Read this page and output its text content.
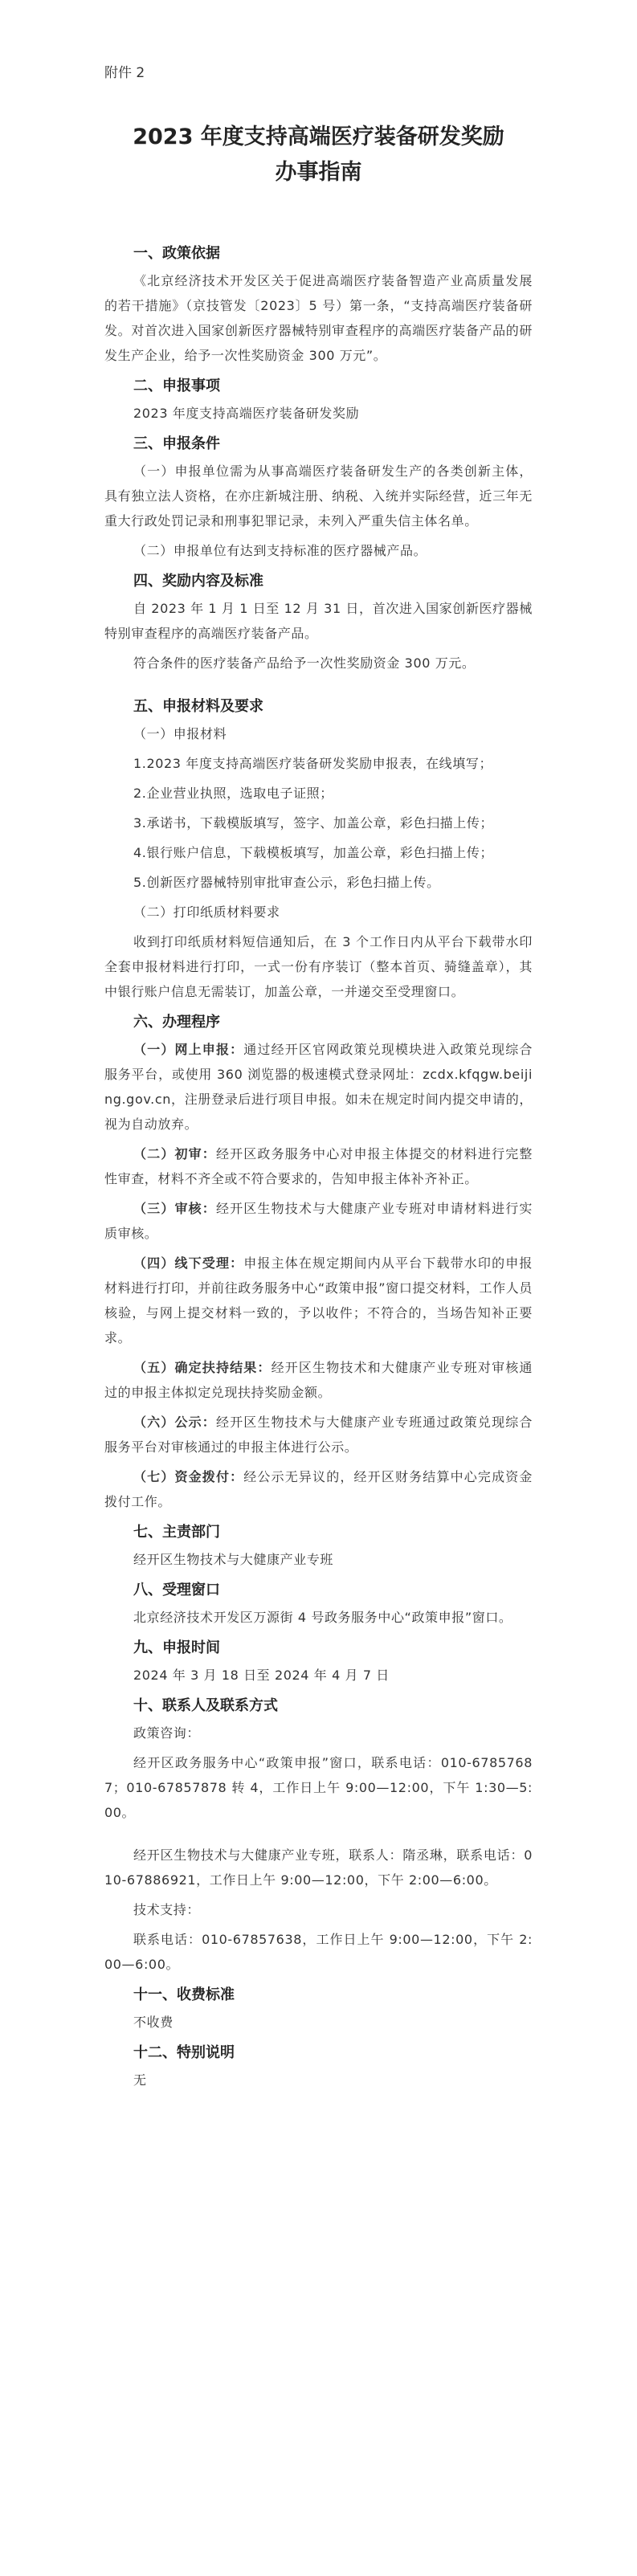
附件 2
2023 年度支持高端医疗装备研发奖励
办事指南
一、政策依据

《北京经济技术开发区关于促进高端医疗装备智造产业高质量发展的若干措施》（京技管发〔2023〕5 号）第一条，“支持高端医疗装备研发。对首次进入国家创新医疗器械特别审查程序的高端医疗装备产品的研发生产企业，给予一次性奖励资金 300 万元”。

二、申报事项

2023 年度支持高端医疗装备研发奖励

三、申报条件

（一）申报单位需为从事高端医疗装备研发生产的各类创新主体，具有独立法人资格，在亦庄新城注册、纳税、入统并实际经营，近三年无重大行政处罚记录和刑事犯罪记录，未列入严重失信主体名单。

（二）申报单位有达到支持标准的医疗器械产品。

四、奖励内容及标准

自 2023 年 1 月 1 日至 12 月 31 日，首次进入国家创新医疗器械特别审查程序的高端医疗装备产品。

符合条件的医疗装备产品给予一次性奖励资金 300 万元。

五、申报材料及要求

（一）申报材料

1.2023 年度支持高端医疗装备研发奖励申报表，在线填写；

2.企业营业执照，选取电子证照；

3.承诺书，下载模版填写，签字、加盖公章，彩色扫描上传；

4.银行账户信息，下载模板填写，加盖公章，彩色扫描上传；

5.创新医疗器械特别审批审查公示，彩色扫描上传。

（二）打印纸质材料要求

收到打印纸质材料短信通知后，在 3 个工作日内从平台下载带水印全套申报材料进行打印，一式一份有序装订（整本首页、骑缝盖章），其中银行账户信息无需装订，加盖公章，一并递交至受理窗口。

六、办理程序

（一）网上申报：通过经开区官网政策兑现模块进入政策兑现综合服务平台，或使用 360 浏览器的极速模式登录网址：zcdx.kfqgw.beijing.gov.cn，注册登录后进行项目申报。如未在规定时间内提交申请的，视为自动放弃。

（二）初审：经开区政务服务中心对申报主体提交的材料进行完整性审查，材料不齐全或不符合要求的，告知申报主体补齐补正。

（三）审核：经开区生物技术与大健康产业专班对申请材料进行实质审核。

（四）线下受理：申报主体在规定期间内从平台下载带水印的申报材料进行打印，并前往政务服务中心“政策申报”窗口提交材料，工作人员核验，与网上提交材料一致的，予以收件；不符合的，当场告知补正要求。

（五）确定扶持结果：经开区生物技术和大健康产业专班对审核通过的申报主体拟定兑现扶持奖励金额。

（六）公示：经开区生物技术与大健康产业专班通过政策兑现综合服务平台对审核通过的申报主体进行公示。

（七）资金拨付：经公示无异议的，经开区财务结算中心完成资金拨付工作。

七、主责部门

经开区生物技术与大健康产业专班

八、受理窗口

北京经济技术开发区万源街 4 号政务服务中心“政策申报”窗口。

九、申报时间

2024 年 3 月 18 日至 2024 年 4 月 7 日

十、联系人及联系方式

政策咨询：

经开区政务服务中心“政策申报”窗口，联系电话：010-67857687；010-67857878 转 4，工作日上午 9:00—12:00，下午 1:30—5:00。

经开区生物技术与大健康产业专班，联系人：隋丞琳，联系电话：010-67886921，工作日上午 9:00—12:00，下午 2:00—6:00。

技术支持：

联系电话：010-67857638，工作日上午 9:00—12:00，下午 2:00—6:00。

十一、收费标准

不收费

十二、特别说明

无
